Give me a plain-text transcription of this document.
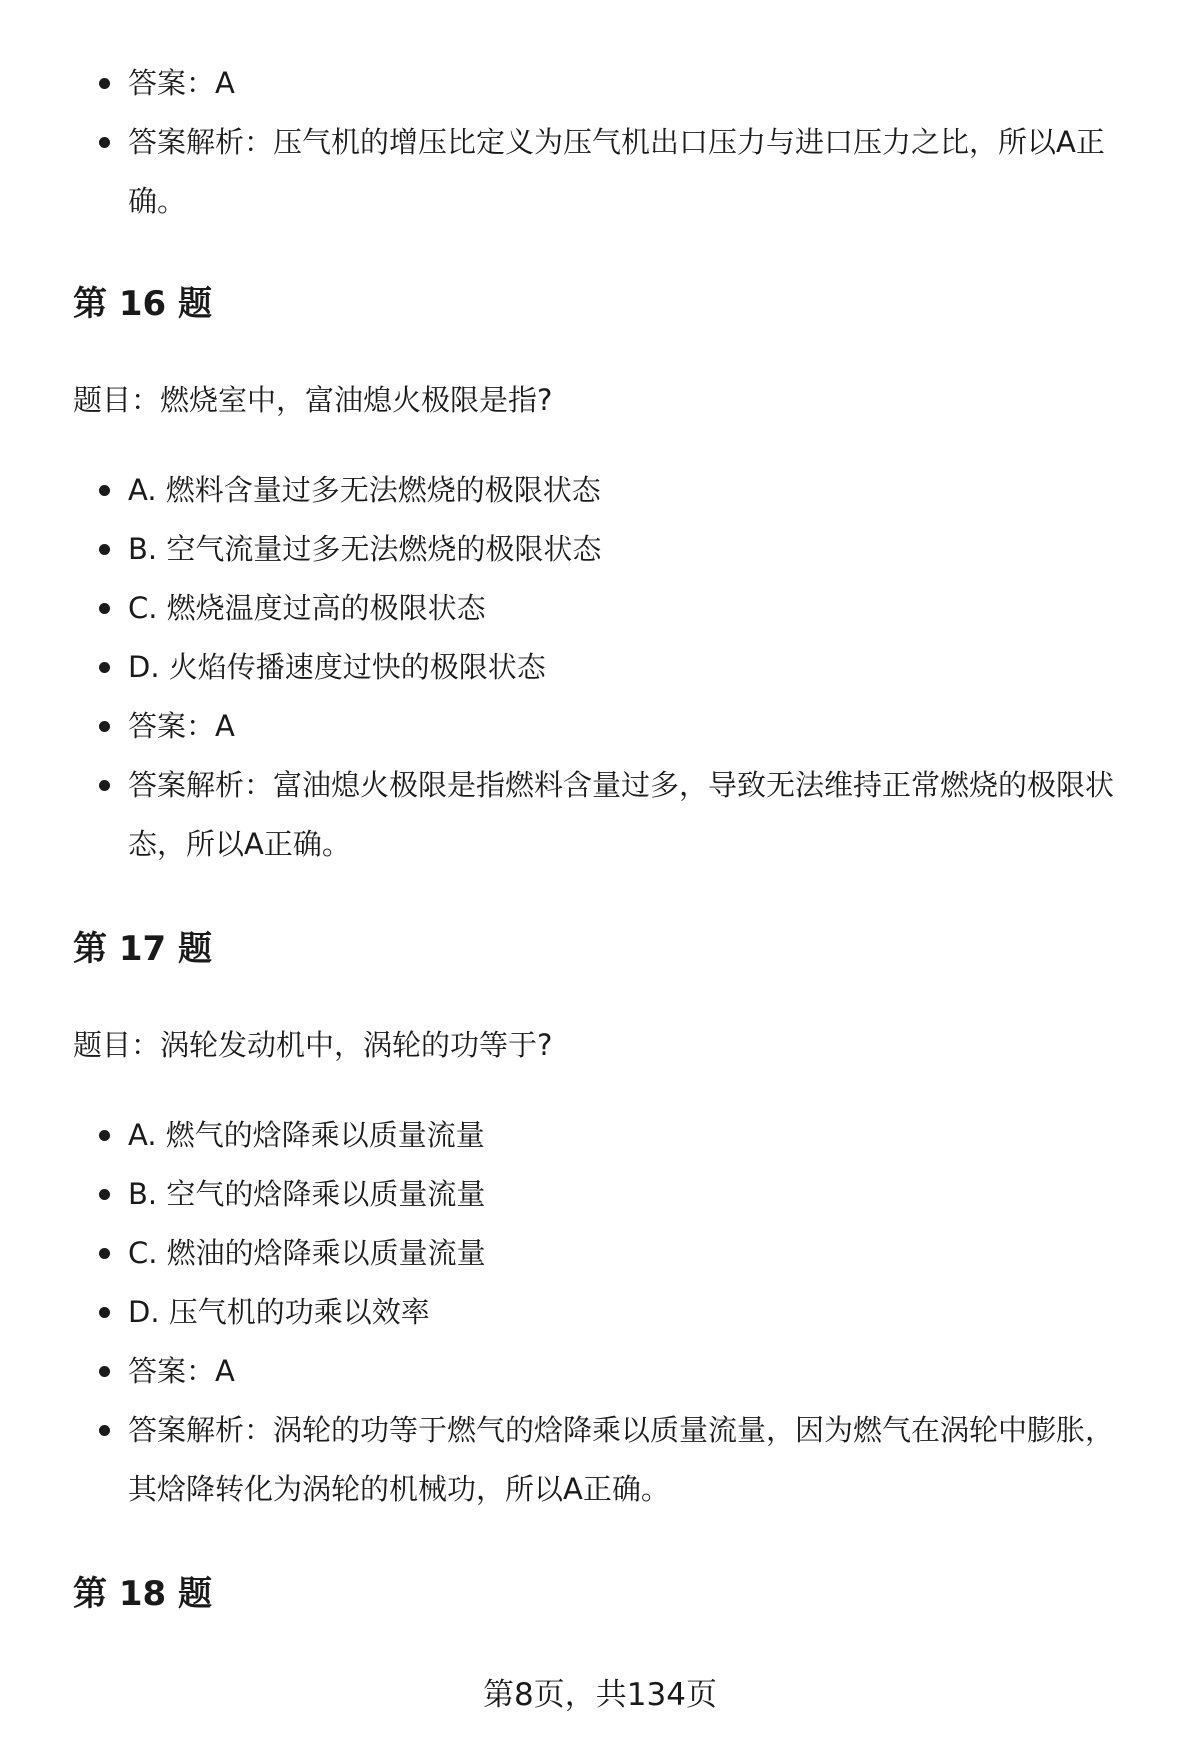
答案：A
答案解析：压气机的增压比定义为压气机出口压力与进口压力之比，所以A正确。
第 16 题

题目：燃烧室中，富油熄火极限是指?

A. 燃料含量过多无法燃烧的极限状态
B. 空气流量过多无法燃烧的极限状态
C. 燃烧温度过高的极限状态
D. 火焰传播速度过快的极限状态
答案：A
答案解析：富油熄火极限是指燃料含量过多，导致无法维持正常燃烧的极限状态，所以A正确。
第 17 题

题目：涡轮发动机中，涡轮的功等于?

A. 燃气的焓降乘以质量流量
B. 空气的焓降乘以质量流量
C. 燃油的焓降乘以质量流量
D. 压气机的功乘以效率
答案：A
答案解析：涡轮的功等于燃气的焓降乘以质量流量，因为燃气在涡轮中膨胀，其焓降转化为涡轮的机械功，所以A正确。
第 18 题
第8页，共134页
